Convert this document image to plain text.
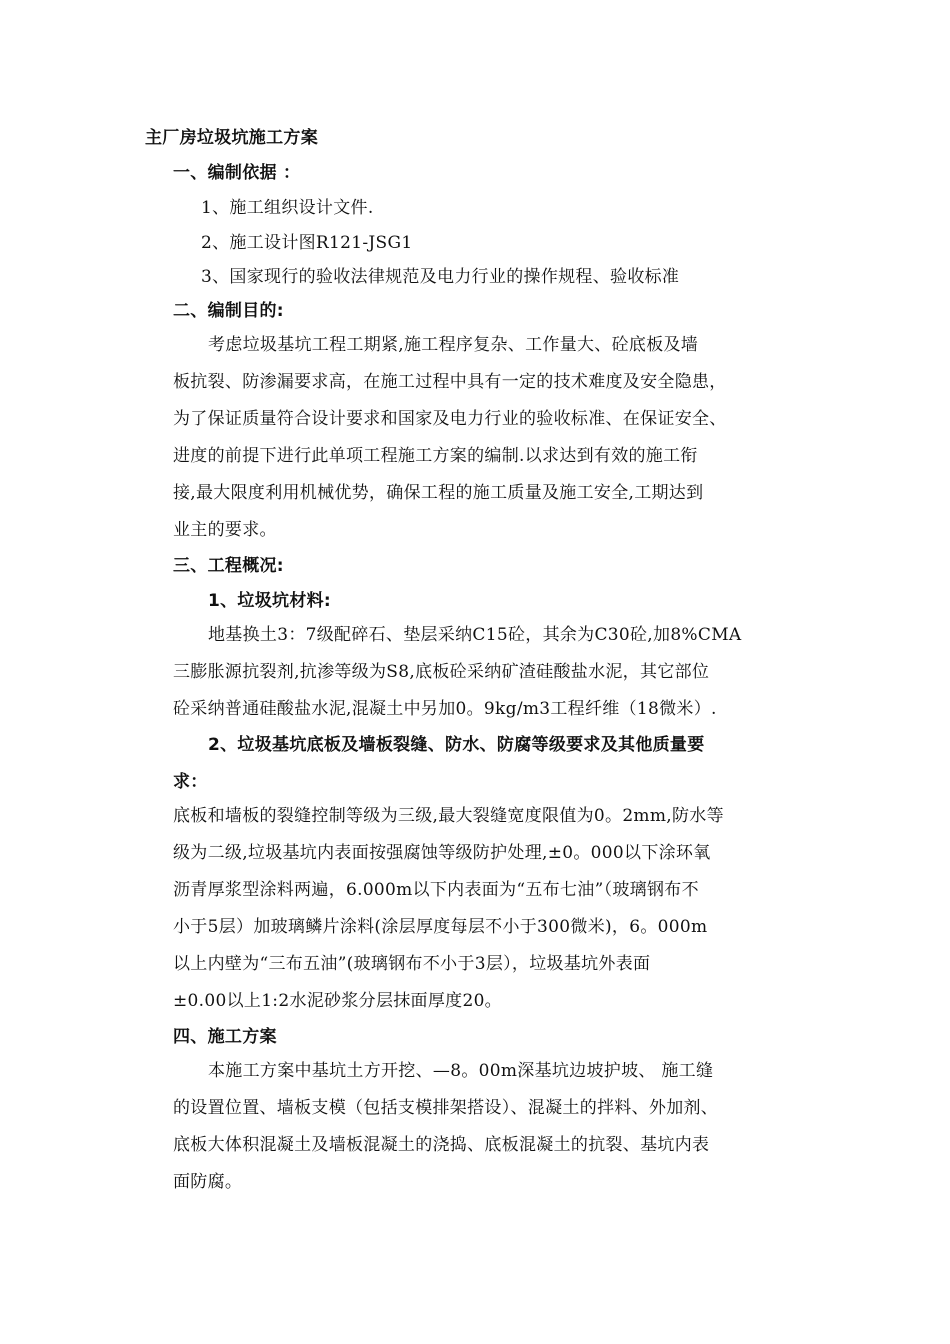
主厂房垃圾坑施工方案
一、编制依据 ：
1、施工组织设计文件.
2、施工设计图R121-JSG1
3、国家现行的验收法律规范及电力行业的操作规程、验收标准
二、编制目的:
考虑垃圾基坑工程工期紧,施工程序复杂、工作量大、砼底板及墙
板抗裂、防渗漏要求高，在施工过程中具有一定的技术难度及安全隐患，
为了保证质量符合设计要求和国家及电力行业的验收标准、在保证安全、
进度的前提下进行此单项工程施工方案的编制.以求达到有效的施工衔
接,最大限度利用机械优势，确保工程的施工质量及施工安全,工期达到
业主的要求。
三、工程概况:
1、垃圾坑材料:
地基换土3：7级配碎石、垫层采纳C15砼，其余为C30砼,加8%CMA
三膨胀源抗裂剂,抗渗等级为S8,底板砼采纳矿渣硅酸盐水泥，其它部位
砼采纳普通硅酸盐水泥,混凝土中另加0。9kg/m3工程纤维（18微米）.
2、垃圾基坑底板及墙板裂缝、防水、防腐等级要求及其他质量要
求：
底板和墙板的裂缝控制等级为三级,最大裂缝宽度限值为0。2mm,防水等
级为二级,垃圾基坑内表面按强腐蚀等级防护处理,±0。000以下涂环氧
沥青厚浆型涂料两遍，6.000m以下内表面为“五布七油”（玻璃钢布不
小于5层）加玻璃鳞片涂料(涂层厚度每层不小于300微米)，6。000m
以上内壁为“三布五油”(玻璃钢布不小于3层），垃圾基坑外表面
±0.00以上1:2水泥砂浆分层抹面厚度20。
四、施工方案
本施工方案中基坑土方开挖、—8。00m深基坑边坡护坡、 施工缝
的设置位置、墙板支模（包括支模排架搭设）、混凝土的拌料、外加剂、
底板大体积混凝土及墙板混凝土的浇捣、底板混凝土的抗裂、基坑内表
面防腐。
